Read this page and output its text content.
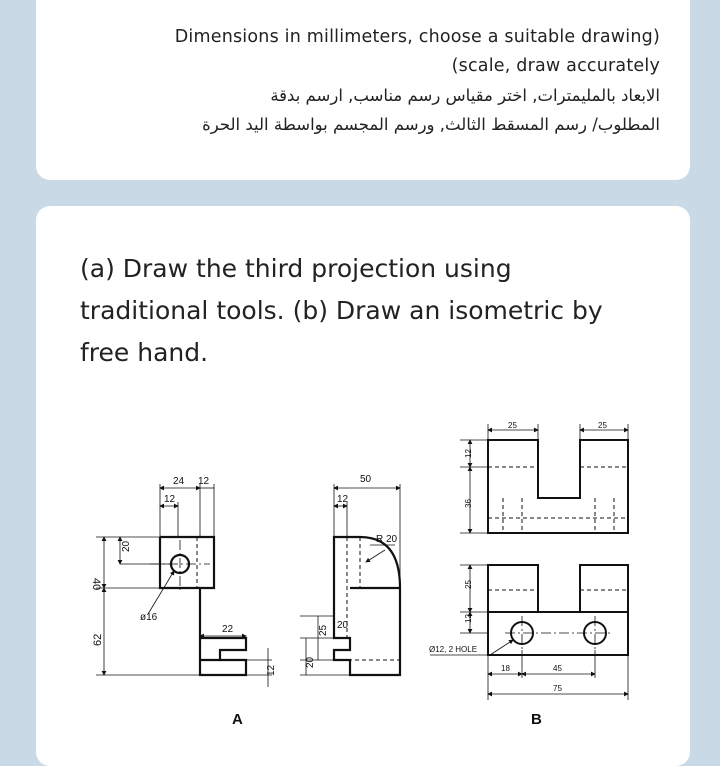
Dimensions in millimeters, choose a suitable drawing)
(scale, draw accurately
الابعاد بالمليمترات, اختر مقياس رسم مناسب, ارسم بدقة
المطلوب/ رسم المسقط الثالث, ورسم المجسم بواسطة اليد الحرة
(a) Draw the third projection using traditional tools. (b) Draw an isometric by free hand.
24 12
12
40
20
ø16
62
22
12
20
25
50
12
R 20
20
A
25	25
12
36
25
12
Ø12, 2 HOLE
18	45
75
B
